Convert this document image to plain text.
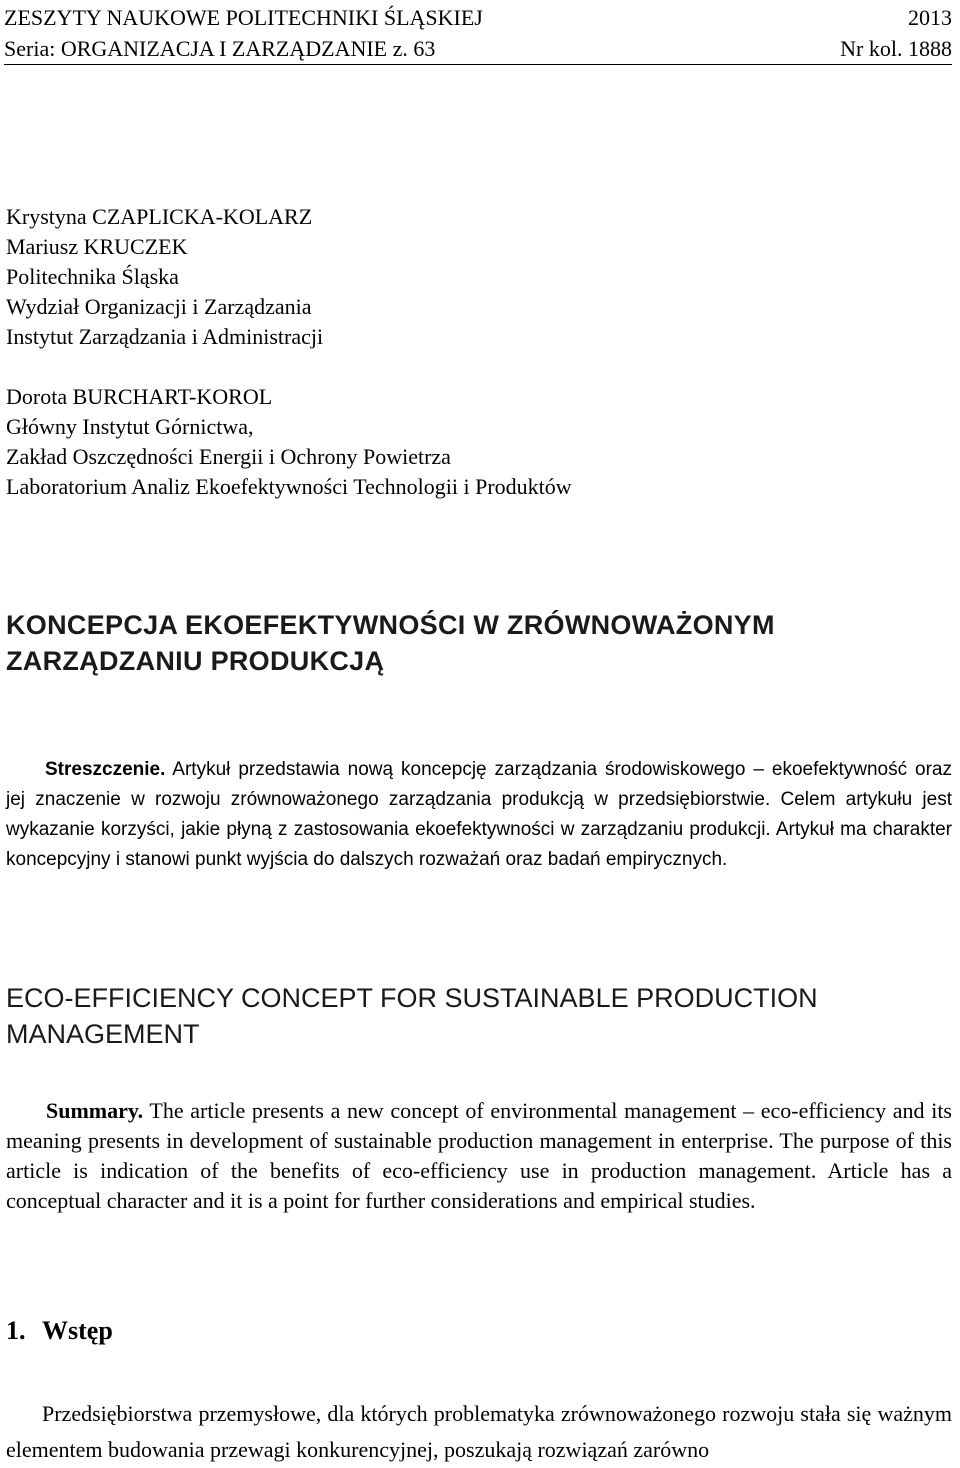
ZESZYTY NAUKOWE POLITECHNIKI ŚLĄSKIEJ	2013
Seria: ORGANIZACJA I ZARZĄDZANIE z. 63	Nr kol. 1888
Krystyna CZAPLICKA-KOLARZ
Mariusz KRUCZEK
Politechnika Śląska
Wydział Organizacji i Zarządzania
Instytut Zarządzania i Administracji
Dorota BURCHART-KOROL
Główny Instytut Górnictwa,
Zakład Oszczędności Energii i Ochrony Powietrza
Laboratorium Analiz Ekoefektywności Technologii i Produktów
KONCEPCJA EKOEFEKTYWNOŚCI W ZRÓWNOWAŻONYM ZARZĄDZANIU PRODUKCJĄ

Streszczenie. Artykuł przedstawia nową koncepcję zarządzania środowiskowego – ekoefektywność oraz jej znaczenie w rozwoju zrównoważonego zarządzania produkcją w przedsiębiorstwie. Celem artykułu jest wykazanie korzyści, jakie płyną z zastosowania ekoefektywności w zarządzaniu produkcji. Artykuł ma charakter koncepcyjny i stanowi punkt wyjścia do dalszych rozważań oraz badań empirycznych.

ECO-EFFICIENCY CONCEPT FOR SUSTAINABLE PRODUCTION MANAGEMENT

Summary. The article presents a new concept of environmental management – eco-efficiency and its meaning presents in development of sustainable production management in enterprise. The purpose of this article is indication of the benefits of eco-efficiency use in production management. Article has a conceptual character and it is a point for further considerations and empirical studies.

1. Wstęp

Przedsiębiorstwa przemysłowe, dla których problematyka zrównoważonego rozwoju stała się ważnym elementem budowania przewagi konkurencyjnej, poszukają rozwiązań zarówno
